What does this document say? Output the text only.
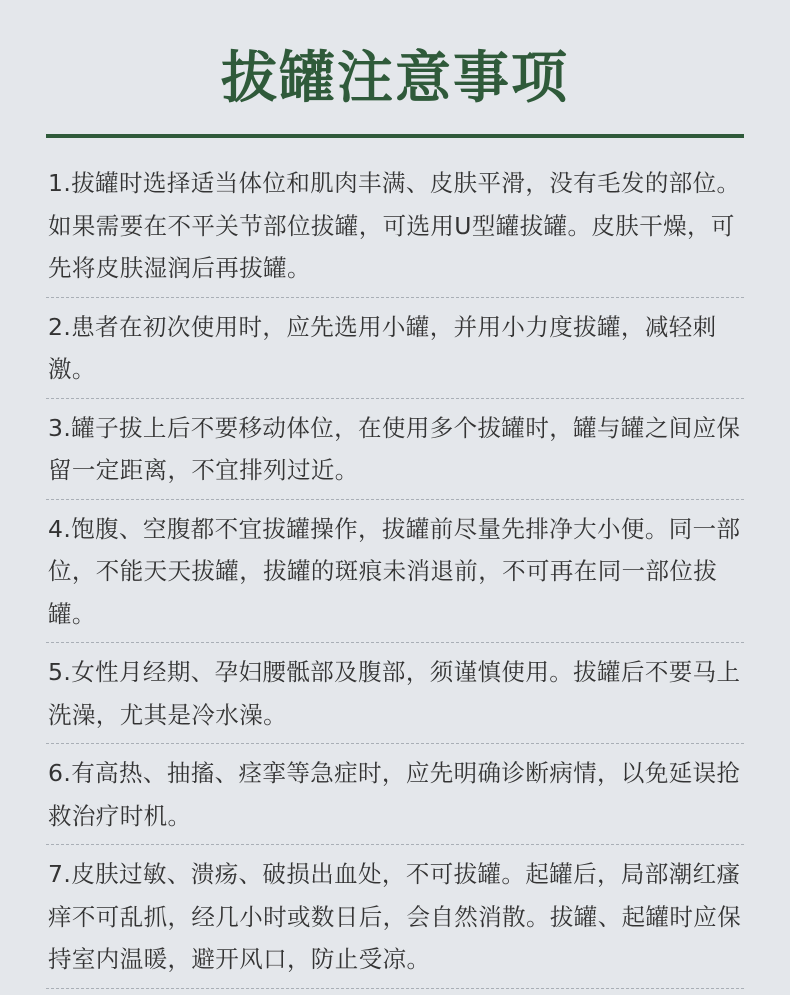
拔罐注意事项
1.拔罐时选择适当体位和肌肉丰满、皮肤平滑，没有毛发的部位。如果需要在不平关节部位拔罐，可选用U型罐拔罐。皮肤干燥，可先将皮肤湿润后再拔罐。
2.患者在初次使用时，应先选用小罐，并用小力度拔罐，减轻刺激。
3.罐子拔上后不要移动体位，在使用多个拔罐时，罐与罐之间应保留一定距离，不宜排列过近。
4.饱腹、空腹都不宜拔罐操作，拔罐前尽量先排净大小便。同一部位，不能天天拔罐，拔罐的斑痕未消退前，不可再在同一部位拔罐。
5.女性月经期、孕妇腰骶部及腹部，须谨慎使用。拔罐后不要马上洗澡，尤其是冷水澡。
6.有高热、抽搐、痉挛等急症时，应先明确诊断病情，以免延误抢救治疗时机。
7.皮肤过敏、溃疡、破损出血处，不可拔罐。起罐后，局部潮红瘙痒不可乱抓，经几小时或数日后，会自然消散。拔罐、起罐时应保持室内温暖，避开风口，防止受凉。
